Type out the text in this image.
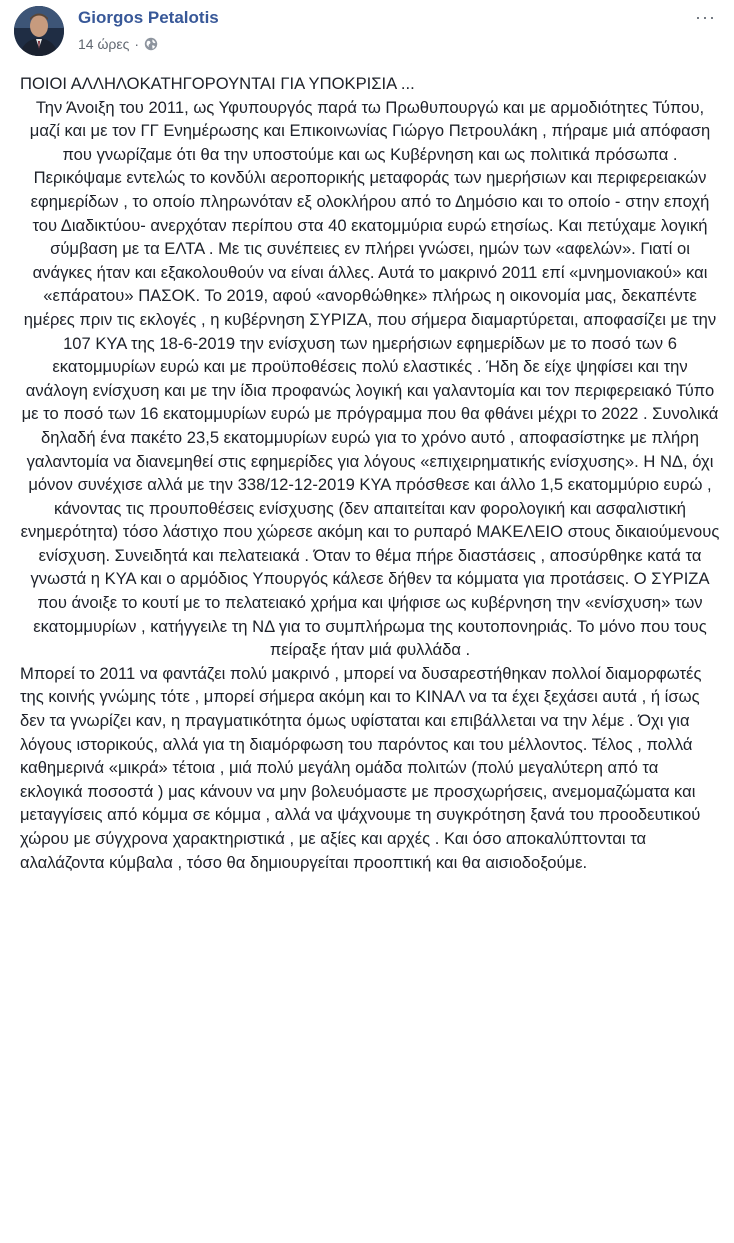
Giorgos Petalotis
14 ώρες ·
···

ΠΟΙΟΙ ΑΛΛΗΛΟΚΑΤΗΓΟΡΟΥΝΤΑΙ ΓΙΑ ΥΠΟΚΡΙΣΙΑ ...

Την Άνοιξη του 2011, ως Υφυπουργός παρά τω Πρωθυπουργώ και με αρμοδιότητες Τύπου, μαζί και με τον ΓΓ Ενημέρωσης και Επικοινωνίας Γιώργο Πετρουλάκη , πήραμε μιά απόφαση που γνωρίζαμε ότι θα την υποστούμε και ως Κυβέρνηση και ως πολιτικά πρόσωπα . Περικόψαμε εντελώς το κονδύλι αεροπορικής μεταφοράς των ημερήσιων και περιφερειακών εφημερίδων , το οποίο πληρωνόταν εξ ολοκλήρου από το Δημόσιο και το οποίο - στην εποχή του Διαδικτύου- ανερχόταν περίπου στα 40 εκατομμύρια ευρώ ετησίως. Και πετύχαμε λογική σύμβαση με τα ΕΛΤΑ . Με τις συνέπειες εν πλήρει γνώσει, ημών των «αφελών». Γιατί οι ανάγκες ήταν και εξακολουθούν να είναι άλλες. Αυτά το μακρινό 2011 επί «μνημονιακού» και «επάρατου» ΠΑΣΟΚ. Το 2019, αφού «ανορθώθηκε» πλήρως η οικονομία μας, δεκαπέντε ημέρες πριν τις εκλογές , η κυβέρνηση ΣΥΡΙΖΑ, που σήμερα διαμαρτύρεται, αποφασίζει με την 107 ΚΥΑ της 18-6-2019 την ενίσχυση των ημερήσιων εφημερίδων με το ποσό των 6 εκατομμυρίων ευρώ και με προϋποθέσεις πολύ ελαστικές . Ήδη δε είχε ψηφίσει και την ανάλογη ενίσχυση και με την ίδια προφανώς λογική και γαλαντομία και τον περιφερειακό Τύπο με το ποσό των 16 εκατομμυρίων ευρώ με πρόγραμμα που θα φθάνει μέχρι το 2022 . Συνολικά δηλαδή ένα πακέτο 23,5 εκατομμυρίων ευρώ για το χρόνο αυτό , αποφασίστηκε με πλήρη γαλαντομία να διανεμηθεί στις εφημερίδες για λόγους «επιχειρηματικής ενίσχυσης». Η ΝΔ, όχι μόνον συνέχισε αλλά με την 338/12-12-2019 ΚΥΑ πρόσθεσε και άλλο 1,5 εκατομμύριο ευρώ , κάνοντας τις προυποθέσεις ενίσχυσης (δεν απαιτείται καν φορολογική και ασφαλιστική ενημερότητα) τόσο λάστιχο που χώρεσε ακόμη και το ρυπαρό ΜΑΚΕΛΕΙΟ στους δικαιούμενους ενίσχυση. Συνειδητά και πελατειακά . Όταν το θέμα πήρε διαστάσεις , αποσύρθηκε κατά τα γνωστά η ΚΥΑ και ο αρμόδιος Υπουργός κάλεσε δήθεν τα κόμματα για προτάσεις. Ο ΣΥΡΙΖΑ που άνοιξε το κουτί με το πελατειακό χρήμα και ψήφισε ως κυβέρνηση την «ενίσχυση» των εκατομμυρίων , κατήγγειλε τη ΝΔ για το συμπλήρωμα της κουτοπονηριάς. Το μόνο που τους πείραξε ήταν μιά φυλλάδα .

Μπορεί το 2011 να φαντάζει πολύ μακρινό , μπορεί να δυσαρεστήθηκαν πολλοί διαμορφωτές της κοινής γνώμης τότε , μπορεί σήμερα ακόμη και το ΚΙΝΑΛ να τα έχει ξεχάσει αυτά , ή ίσως δεν τα γνωρίζει καν, η πραγματικότητα όμως υφίσταται και επιβάλλεται να την λέμε . Όχι για λόγους ιστορικούς, αλλά για τη διαμόρφωση του παρόντος και του μέλλοντος. Τέλος , πολλά καθημερινά «μικρά» τέτοια , μιά πολύ μεγάλη ομάδα πολιτών (πολύ μεγαλύτερη από τα εκλογικά ποσοστά ) μας κάνουν να μην βολευόμαστε με προσχωρήσεις, ανεμομαζώματα και μεταγγίσεις από κόμμα σε κόμμα , αλλά να ψάχνουμε τη συγκρότηση ξανά του προοδευτικού χώρου με σύγχρονα χαρακτηριστικά , με αξίες και αρχές . Και όσο αποκαλύπτονται τα αλαλάζοντα κύμβαλα , τόσο θα δημιουργείται προοπτική και θα αισιοδοξούμε.
